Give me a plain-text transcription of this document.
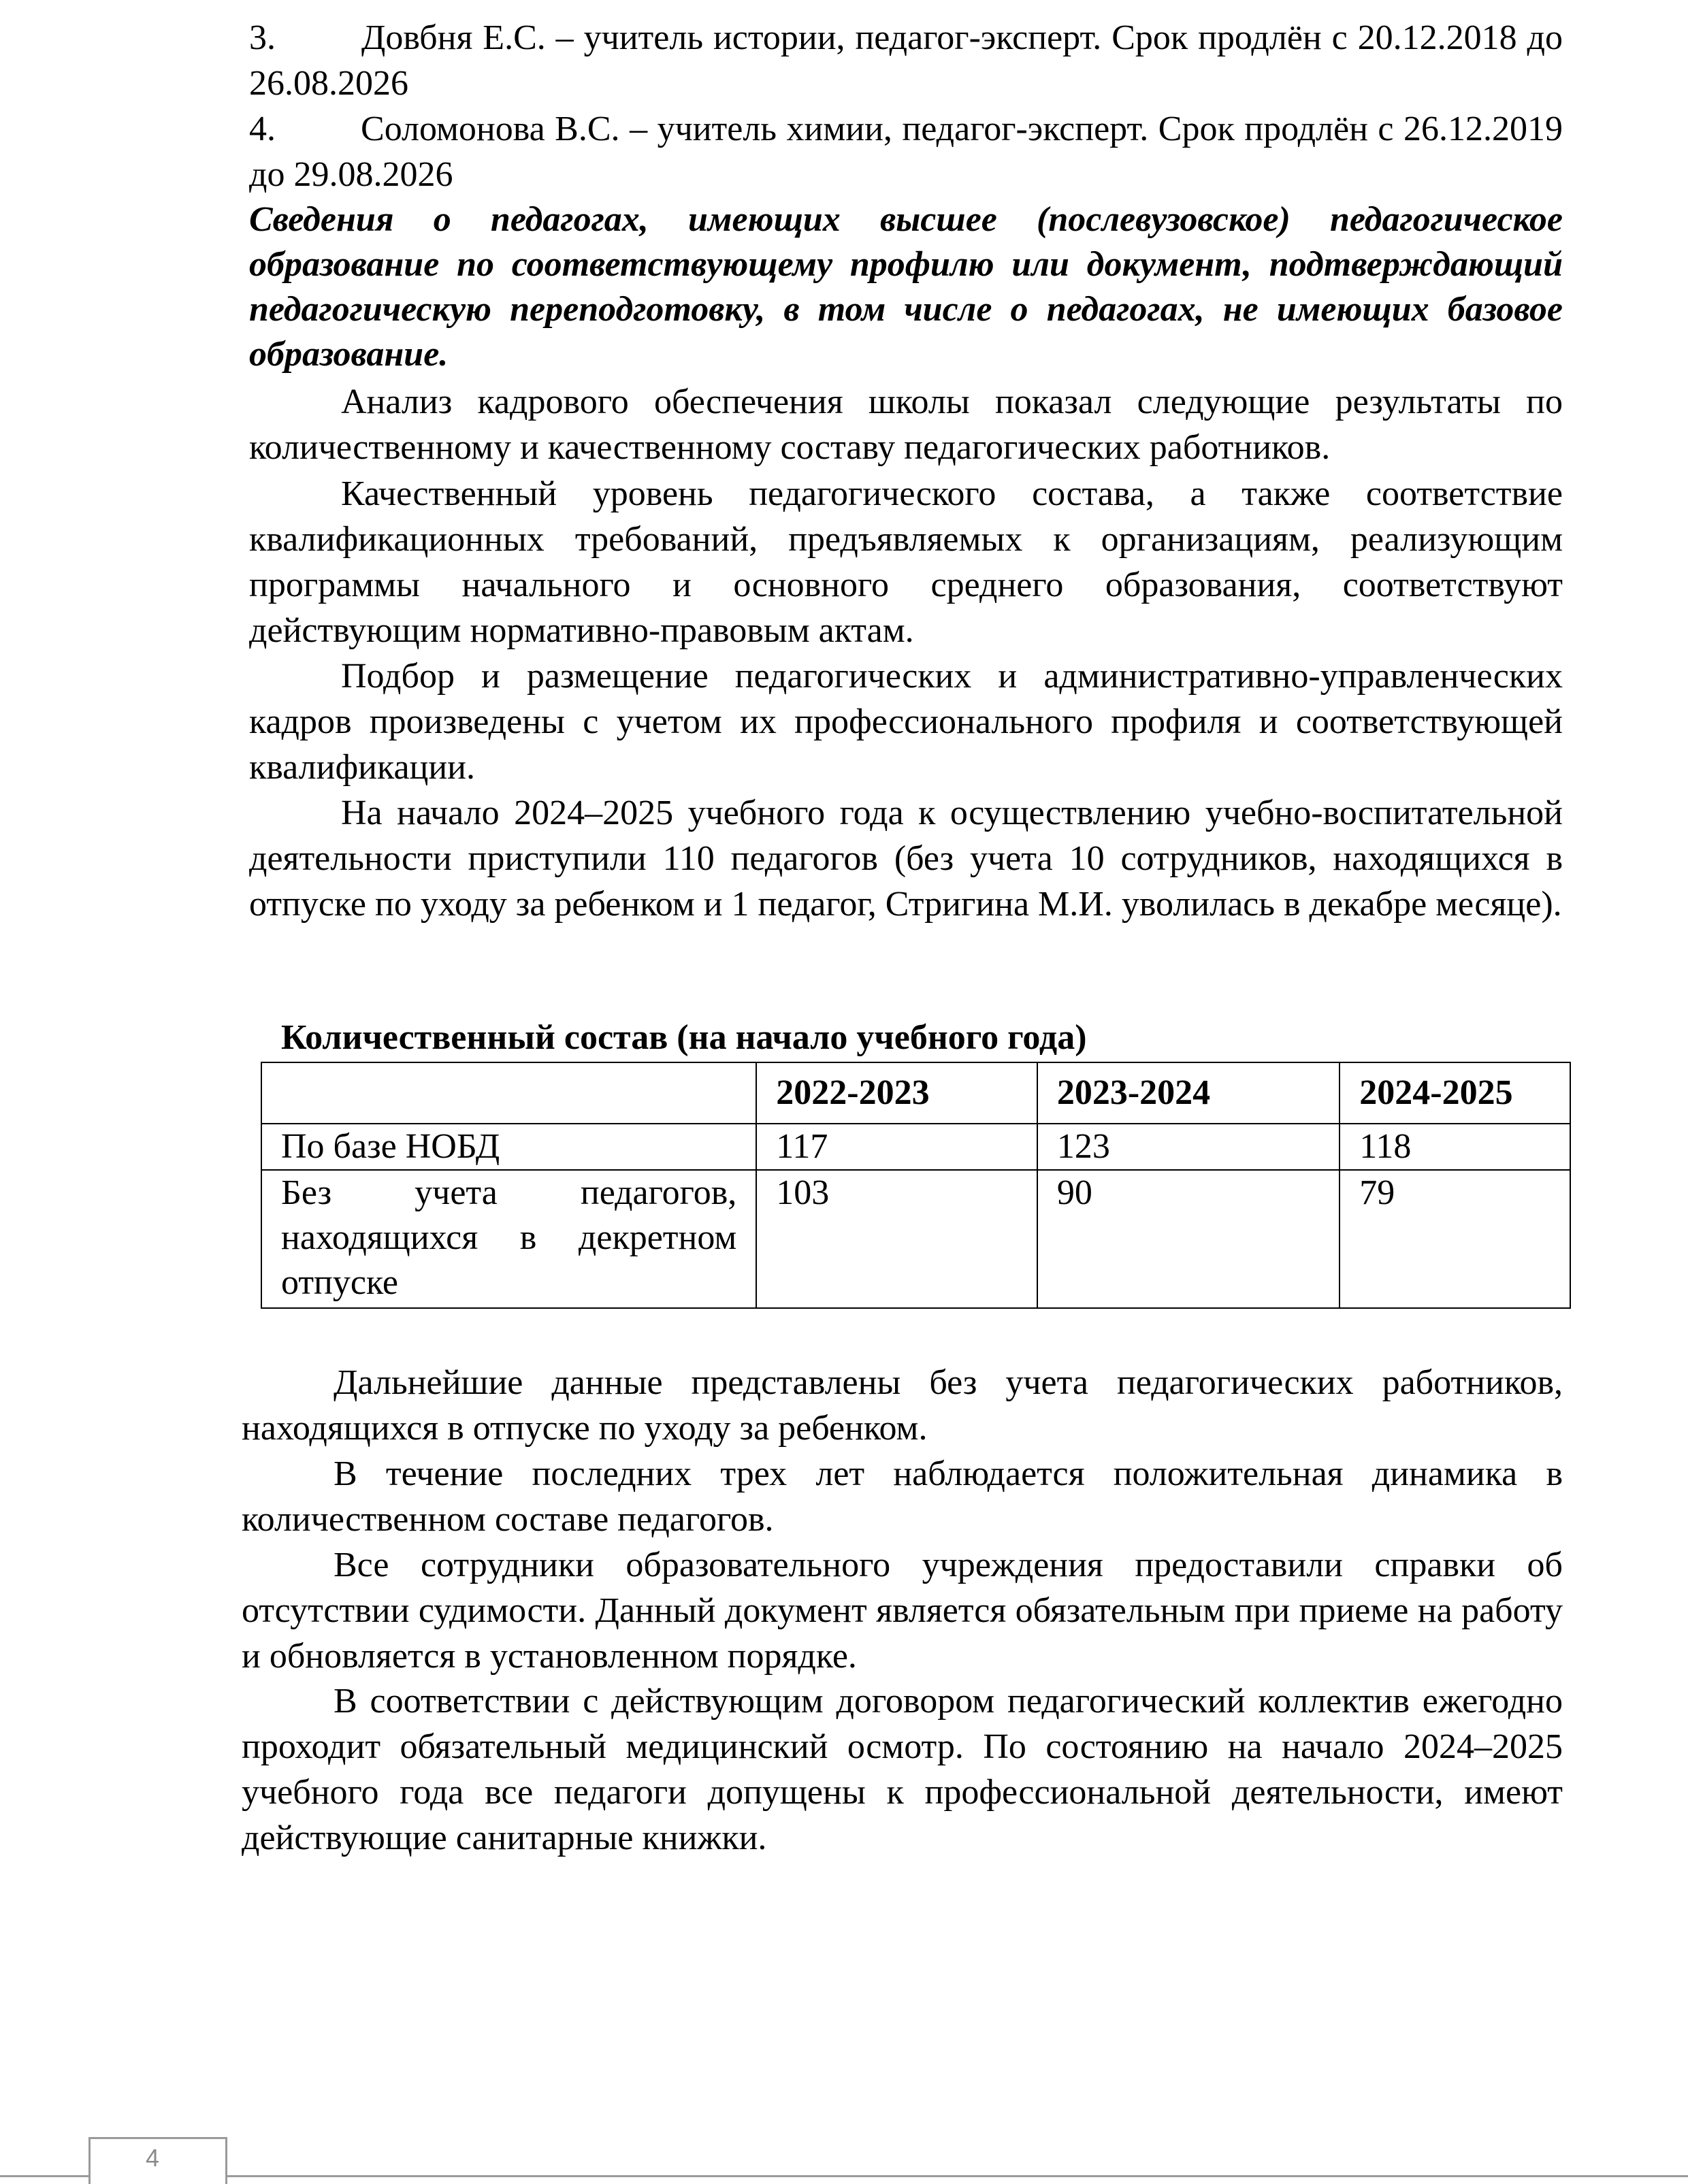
3. Довбня Е.С. – учитель истории, педагог-эксперт. Срок продлён с 20.12.2018 до 26.08.2026

4. Соломонова В.С. – учитель химии, педагог-эксперт. Срок продлён с 26.12.2019 до 29.08.2026

Сведения о педагогах, имеющих высшее (послевузовское) педагогическое образование по соответствующему профилю или документ, подтверждающий педагогическую переподготовку, в том числе о педагогах, не имеющих базовое образование.

Анализ кадрового обеспечения школы показал следующие результаты по количественному и качественному составу педагогических работников.

Качественный уровень педагогического состава, а также соответствие квалификационных требований, предъявляемых к организациям, реализующим программы начального и основного среднего образования, соответствуют действующим нормативно-правовым актам.

Подбор и размещение педагогических и административно-управленческих кадров произведены с учетом их профессионального профиля и соответствующей квалификации.

На начало 2024–2025 учебного года к осуществлению учебно-воспитательной деятельности приступили 110 педагогов (без учета 10 сотрудников, находящихся в отпуске по уходу за ребенком и 1 педагог, Стригина М.И. уволилась в декабре месяце).

Количественный состав (на начало учебного года)

	2022-2023	2023-2024	2024-2025
По базе НОБД	117	123	118
Без учета педагогов, находящихся в декретном отпуске	103	90	79

Дальнейшие данные представлены без учета педагогических работников, находящихся в отпуске по уходу за ребенком.

В течение последних трех лет наблюдается положительная динамика в количественном составе педагогов.

Все сотрудники образовательного учреждения предоставили справки об отсутствии судимости. Данный документ является обязательным при приеме на работу и обновляется в установленном порядке.

В соответствии с действующим договором педагогический коллектив ежегодно проходит обязательный медицинский осмотр. По состоянию на начало 2024–2025 учебного года все педагоги допущены к профессиональной деятельности, имеют действующие санитарные книжки.

4
